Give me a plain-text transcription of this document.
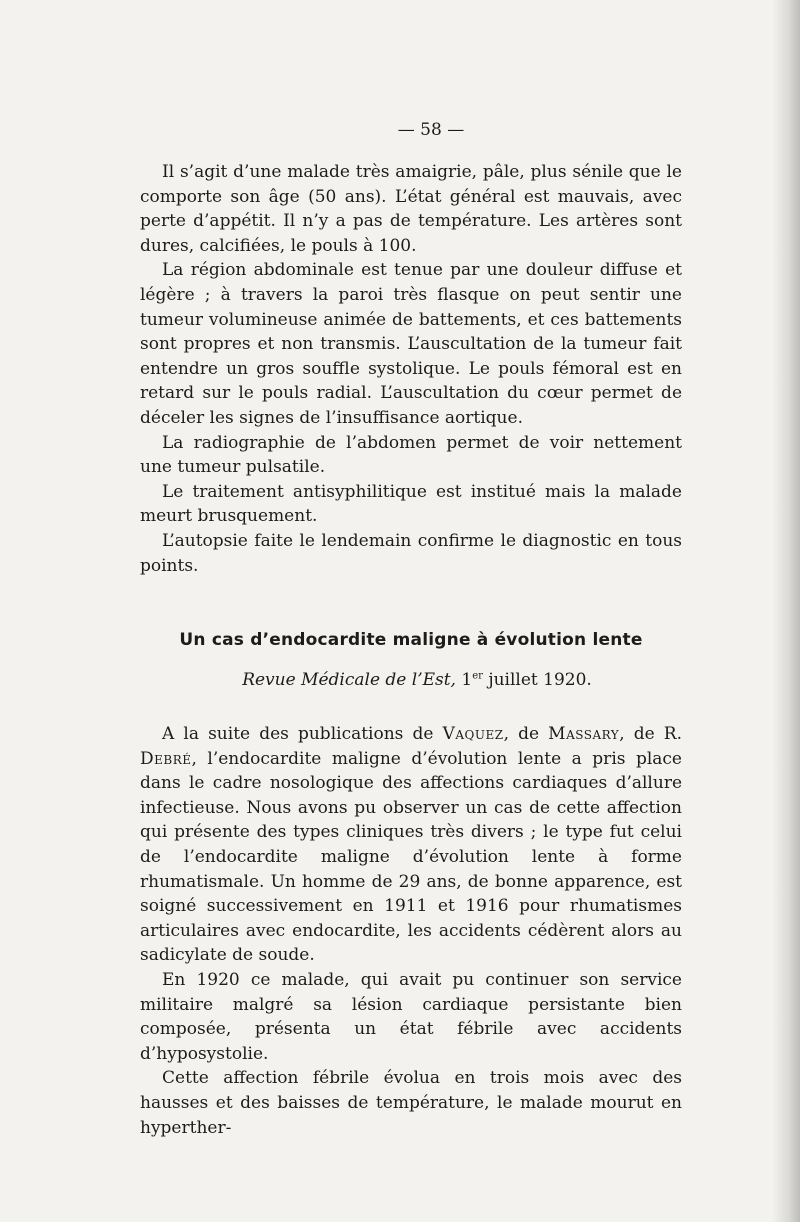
— 58 —

Il s’agit d’une malade très amaigrie, pâle, plus sénile que le comporte son âge (50 ans). L’état général est mauvais, avec perte d’appétit. Il n’y a pas de température. Les artères sont dures, calcifiées, le pouls à 100.

La région abdominale est tenue par une douleur diffuse et légère ; à travers la paroi très flasque on peut sentir une tumeur volumineuse animée de battements, et ces battements sont propres et non transmis. L’auscultation de la tumeur fait entendre un gros souffle systolique. Le pouls fémoral est en retard sur le pouls radial. L’auscultation du cœur permet de déceler les signes de l’insuffisance aortique.

La radiographie de l’abdomen permet de voir nettement une tumeur pulsatile.

Le traitement antisyphilitique est institué mais la malade meurt brusquement.

L’autopsie faite le lendemain confirme le diagnostic en tous points.

Un cas d’endocardite maligne à évolution lente
Revue Médicale de l’Est, 1er juillet 1920.

A la suite des publications de Vaquez, de Massary, de R. Debré, l’endocardite maligne d’évolution lente a pris place dans le cadre nosologique des affections cardiaques d’allure infectieuse. Nous avons pu observer un cas de cette affection qui présente des types cliniques très divers ; le type fut celui de l’endocardite maligne d’évolution lente à forme rhumatismale. Un homme de 29 ans, de bonne apparence, est soigné successivement en 1911 et 1916 pour rhumatismes articulaires avec endocardite, les accidents cédèrent alors au sadicylate de soude.

En 1920 ce malade, qui avait pu continuer son service militaire malgré sa lésion cardiaque persistante bien composée, présenta un état fébrile avec accidents d’hyposystolie.

Cette affection fébrile évolua en trois mois avec des hausses et des baisses de température, le malade mourut en hyperther-
